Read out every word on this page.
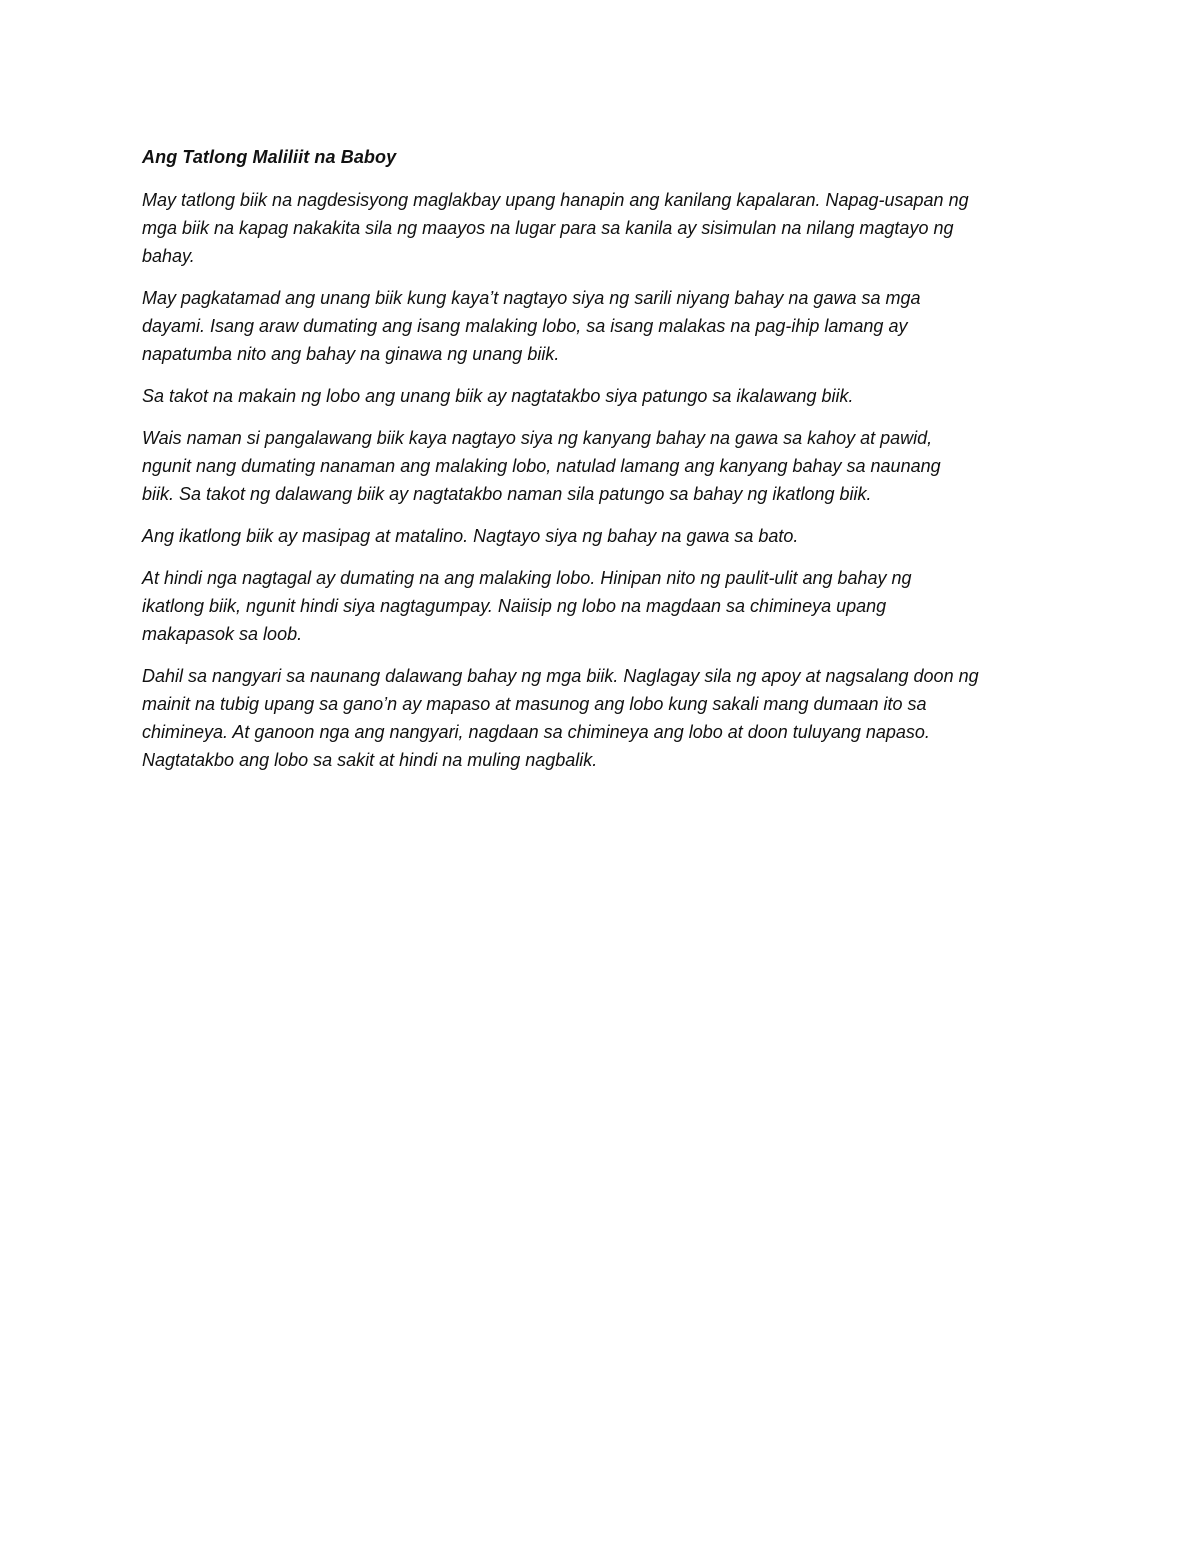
Ang Tatlong Maliliit na Baboy

May tatlong biik na nagdesisyong maglakbay upang hanapin ang kanilang kapalaran. Napag-usapan ng
mga biik na kapag nakakita sila ng maayos na lugar para sa kanila ay sisimulan na nilang magtayo ng
bahay.

May pagkatamad ang unang biik kung kaya’t nagtayo siya ng sarili niyang bahay na gawa sa mga
dayami. Isang araw dumating ang isang malaking lobo, sa isang malakas na pag-ihip lamang ay
napatumba nito ang bahay na ginawa ng unang biik.

Sa takot na makain ng lobo ang unang biik ay nagtatakbo siya patungo sa ikalawang biik.

Wais naman si pangalawang biik kaya nagtayo siya ng kanyang bahay na gawa sa kahoy at pawid,
ngunit nang dumating nanaman ang malaking lobo, natulad lamang ang kanyang bahay sa naunang
biik. Sa takot ng dalawang biik ay nagtatakbo naman sila patungo sa bahay ng ikatlong biik.

Ang ikatlong biik ay masipag at matalino. Nagtayo siya ng bahay na gawa sa bato.

At hindi nga nagtagal ay dumating na ang malaking lobo. Hinipan nito ng paulit-ulit ang bahay ng
ikatlong biik, ngunit hindi siya nagtagumpay. Naiisip ng lobo na magdaan sa chimineya upang
makapasok sa loob.

Dahil sa nangyari sa naunang dalawang bahay ng mga biik. Naglagay sila ng apoy at nagsalang doon ng
mainit na tubig upang sa gano’n ay mapaso at masunog ang lobo kung sakali mang dumaan ito sa
chimineya. At ganoon nga ang nangyari, nagdaan sa chimineya ang lobo at doon tuluyang napaso.
Nagtatakbo ang lobo sa sakit at hindi na muling nagbalik.
